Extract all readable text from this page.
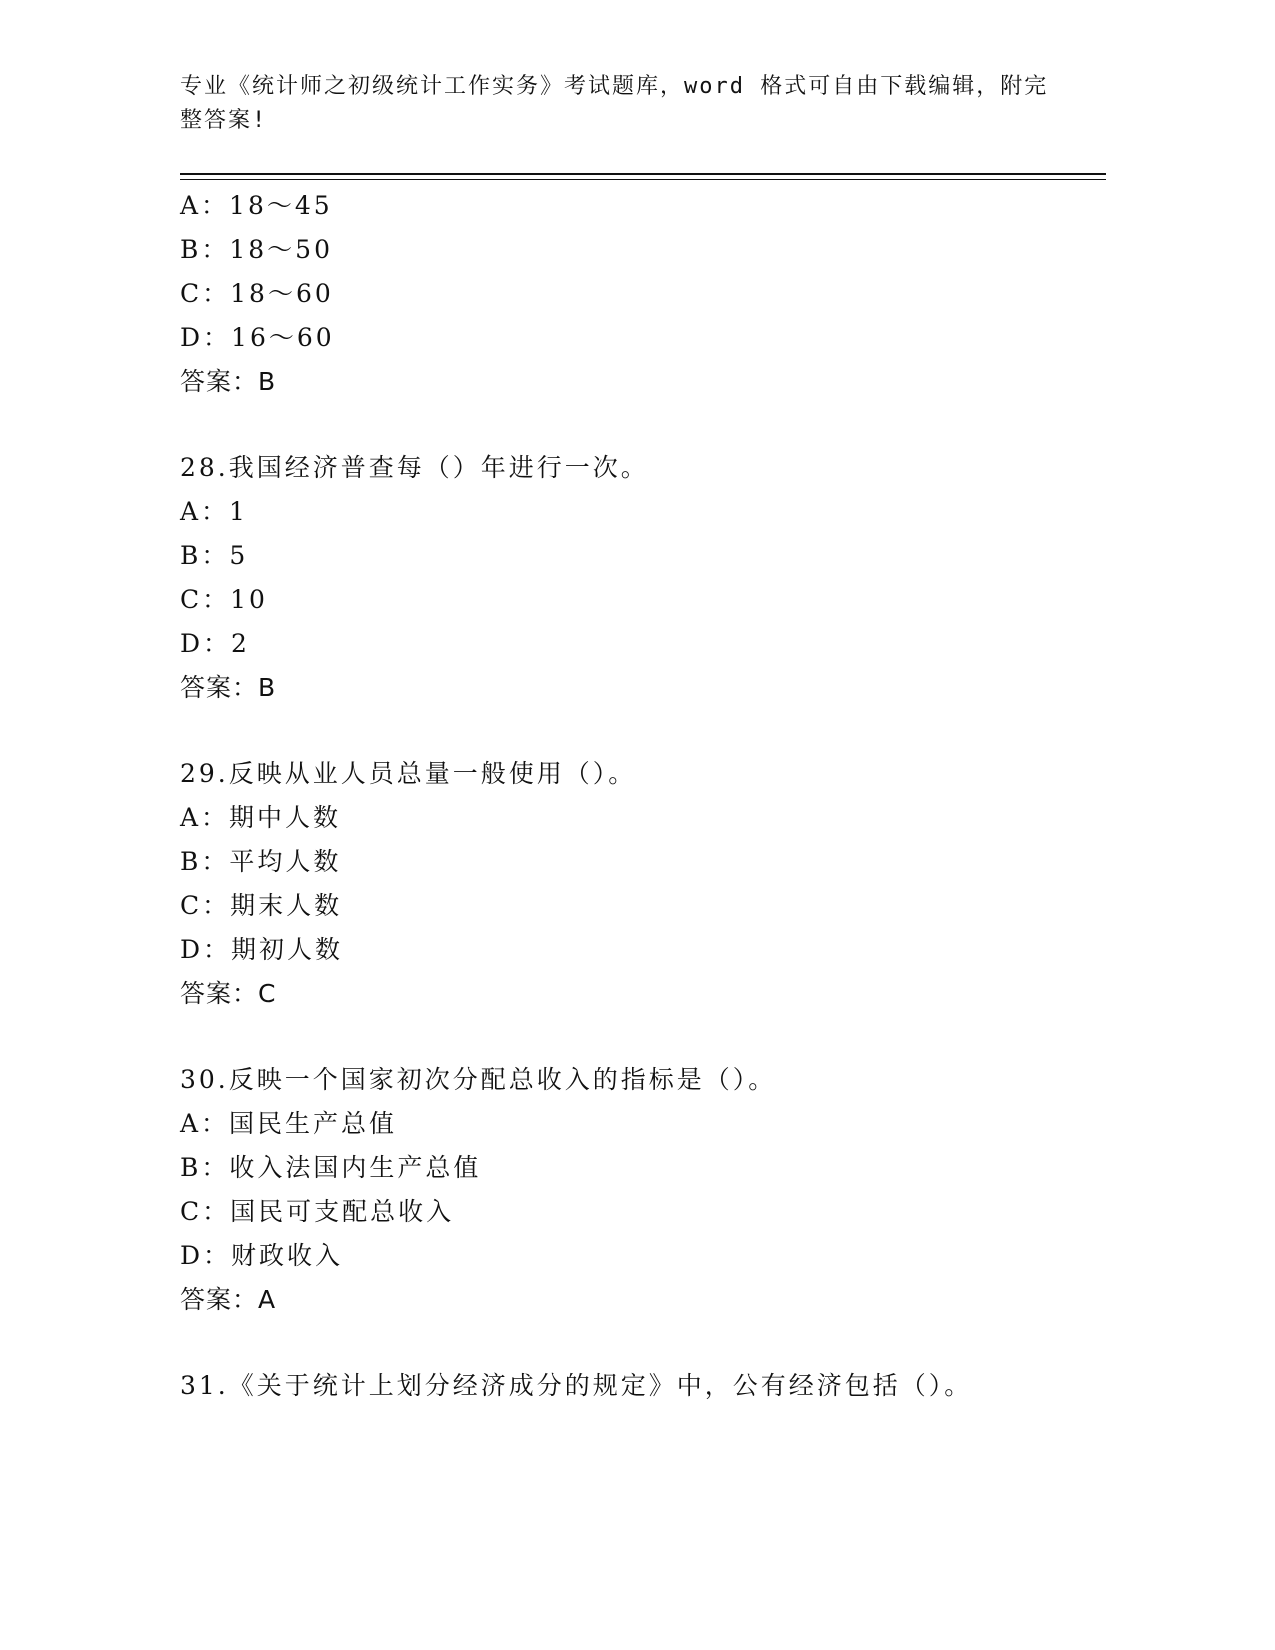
专业《统计师之初级统计工作实务》考试题库，word 格式可自由下载编辑，附完
整答案!
A：18～45
B：18～50
C：18～60
D：16～60
答案：B
28.我国经济普查每（）年进行一次。
A：1
B：5
C：10
D：2
答案：B
29.反映从业人员总量一般使用（）。
A：期中人数
B：平均人数
C：期末人数
D：期初人数
答案：C
30.反映一个国家初次分配总收入的指标是（）。
A：国民生产总值
B：收入法国内生产总值
C：国民可支配总收入
D：财政收入
答案：A
31.《关于统计上划分经济成分的规定》中，公有经济包括（）。
